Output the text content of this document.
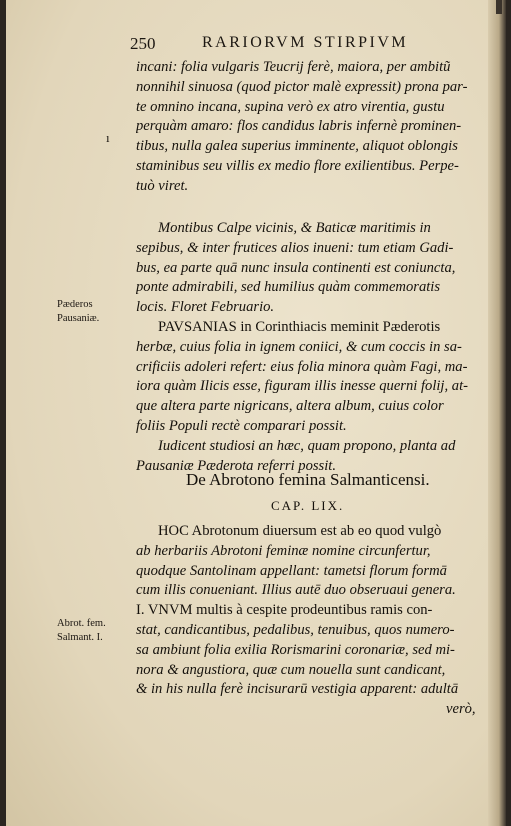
250	RARIORVM STIRPIVM
ı
Pæderos
Pausaniæ.
Abrot. fem.
Salmant. I.
incani: folia vulgaris Teucrij ferè, maiora, per ambitũ
nonnihil sinuosa (quod pictor malè expressit) prona par-
te omnino incana, supina verò ex atro virentia, gustu
perquàm amaro: flos candidus labris infernè prominen-
tibus, nulla galea superius imminente, aliquot oblongis
staminibus seu villis ex medio flore exilientibus. Perpe-
tuò viret.
Montibus Calpe vicinis, & Baticæ maritimis in
sepibus, & inter frutices alios inueni: tum etiam Gadi-
bus, ea parte quā nunc insula continenti est coniuncta,
ponte admirabili, sed humilius quàm commemoratis
locis. Floret Februario.
PAVSANIAS in Corinthiacis meminit Pæderotis
herbæ, cuius folia in ignem coniici, & cum coccis in sa-
crificiis adoleri refert: eius folia minora quàm Fagi, ma-
iora quàm Ilicis esse, figuram illis inesse querni folij, at-
que altera parte nigricans, altera album, cuius color
foliis Populi rectè comparari possit.
Iudicent studiosi an hæc, quam propono, planta ad
Pausaniæ Pæderota referri possit.
De Abrotono femina Salmanticensi.
CAP. LIX.
HOC Abrotonum diuersum est ab eo quod vulgò
ab herbariis Abrotoni feminæ nomine circunfertur,
quodque Santolinam appellant: tametsi florum formā
cum illis conueniant. Illius autē duo obseruaui genera.
I. VNVM multis à cespite prodeuntibus ramis con-
stat, candicantibus, pedalibus, tenuibus, quos numero-
sa ambiunt folia exilia Rorismarini coronariæ, sed mi-
nora & angustiora, quæ cum nouella sunt candicant,
& in his nulla ferè incisurarū vestigia apparent: adultā
verò,
